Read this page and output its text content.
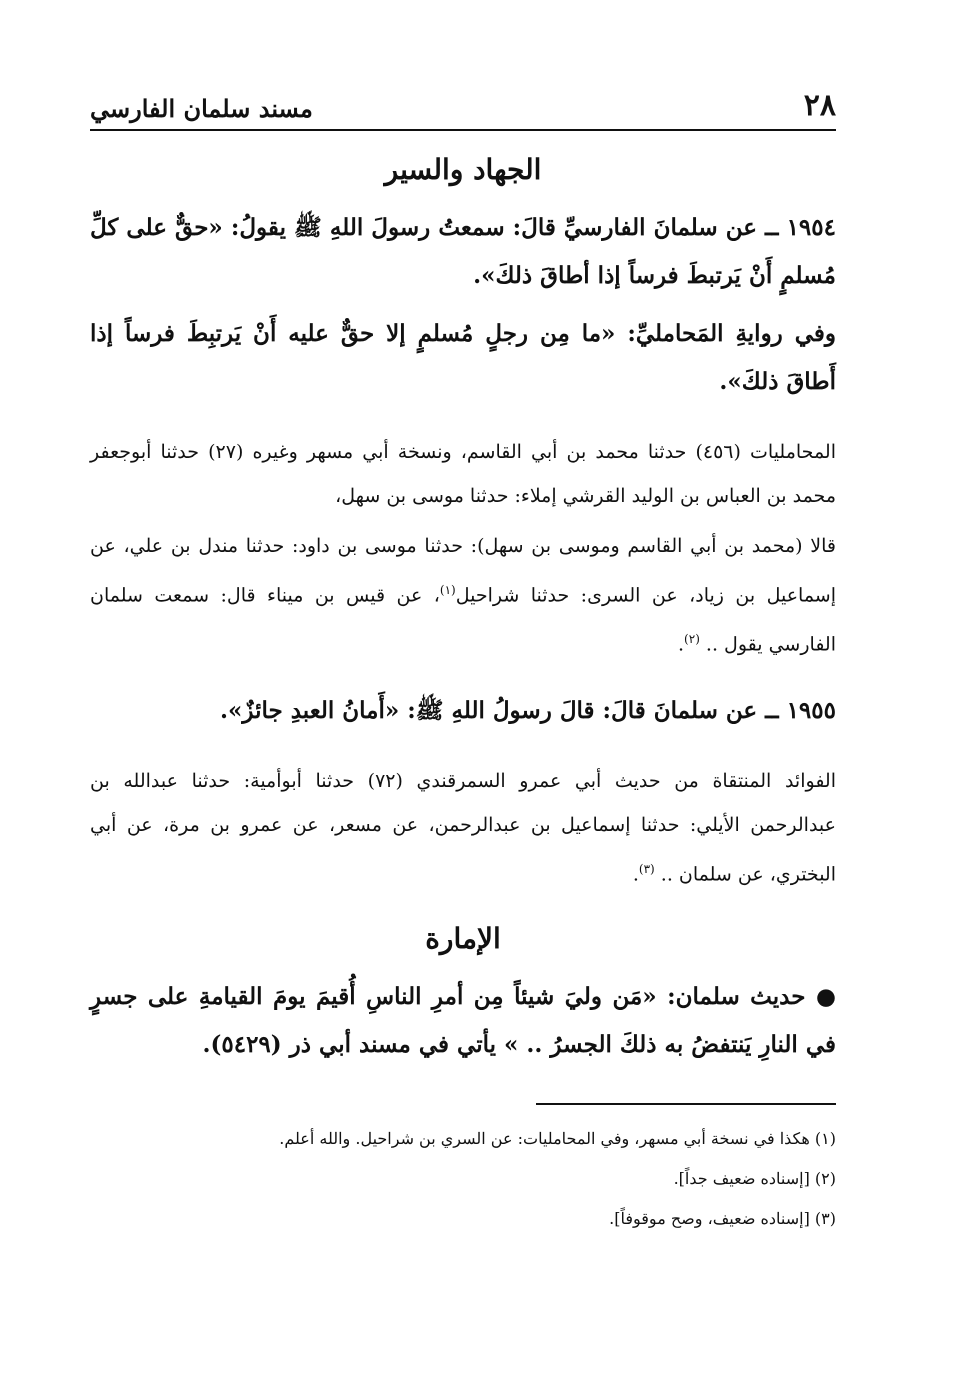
٢٨
مسند سلمان الفارسي
الجهاد والسير

١٩٥٤ ــ عن سلمانَ الفارسيِّ قالَ: سمعتُ رسولَ اللهِ ﷺ يقولُ: «حقٌّ على كلِّ مُسلمٍ أَنْ يَرتبطَ فرساً إذا أطاقَ ذلكَ».

وفي روايةِ المَحامليِّ: «ما مِن رجلٍ مُسلمٍ إلا حقٌّ عليه أَنْ يَرتبِطَ فرساً إذا أَطاقَ ذلكَ».

المحامليات (٤٥٦) حدثنا محمد بن أبي القاسم، ونسخة أبي مسهر وغيره (٢٧) حدثنا أبوجعفر محمد بن العباس بن الوليد القرشي إملاء: حدثنا موسى بن سهل،

قالا (محمد بن أبي القاسم وموسى بن سهل): حدثنا موسى بن داود: حدثنا مندل بن علي، عن إسماعيل بن زياد، عن السرى: حدثنا شراحيل$^{(١)}$، عن قيس بن ميناء قال: سمعت سلمان الفارسي يقول .. $^{(٢)}$.

١٩٥٥ ــ عن سلمانَ قالَ: قالَ رسولُ اللهِ ﷺ: «أَمانُ العبدِ جائزٌ».

الفوائد المنتقاة من حديث أبي عمرو السمرقندي (٧٢) حدثنا أبوأمية: حدثنا عبدالله بن عبدالرحمن الأيلي: حدثنا إسماعيل بن عبدالرحمن، عن مسعر، عن عمرو بن مرة، عن أبي البختري، عن سلمان .. $^{(٣)}$.

الإمارة

● حديث سلمان: «مَن وليَ شيئاً مِن أمرِ الناسِ أُقيمَ يومَ القيامةِ على جسرٍ في النارِ يَنتفضُ به ذلكَ الجسرُ .. » يأتي في مسند أبي ذر (٥٤٢٩).

(١) هكذا في نسخة أبي مسهر، وفي المحامليات: عن السري بن شراحيل. والله أعلم.

(٢) [إسناده ضعيف جداً].

(٣) [إسناده ضعيف، وصح موقوفاً].
